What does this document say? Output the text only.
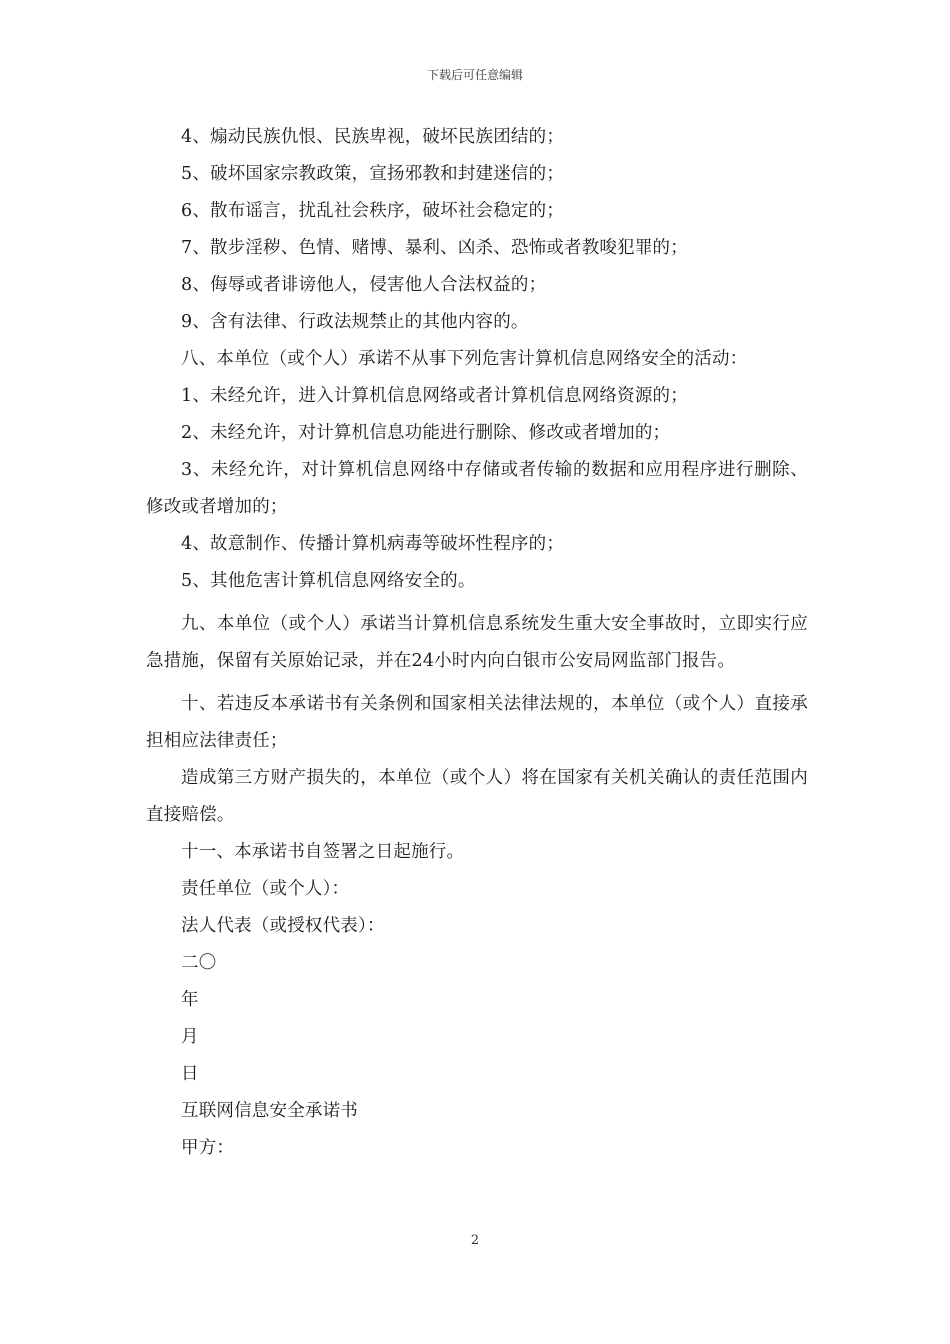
下载后可任意编辑

4、煽动民族仇恨、民族卑视，破坏民族团结的；

5、破坏国家宗教政策，宣扬邪教和封建迷信的；

6、散布谣言，扰乱社会秩序，破坏社会稳定的；

7、散步淫秽、色情、赌博、暴利、凶杀、恐怖或者教唆犯罪的；

8、侮辱或者诽谤他人，侵害他人合法权益的；

9、含有法律、行政法规禁止的其他内容的。

八、本单位（或个人）承诺不从事下列危害计算机信息网络安全的活动：

1、未经允许，进入计算机信息网络或者计算机信息网络资源的；

2、未经允许，对计算机信息功能进行删除、修改或者增加的；

3、未经允许，对计算机信息网络中存储或者传输的数据和应用程序进行删除、修改或者增加的；

4、故意制作、传播计算机病毒等破坏性程序的；

5、其他危害计算机信息网络安全的。

九、本单位（或个人）承诺当计算机信息系统发生重大安全事故时，立即实行应急措施，保留有关原始记录，并在24小时内向白银市公安局网监部门报告。

十、若违反本承诺书有关条例和国家相关法律法规的，本单位（或个人）直接承担相应法律责任；

造成第三方财产损失的，本单位（或个人）将在国家有关机关确认的责任范围内直接赔偿。

十一、本承诺书自签署之日起施行。

责任单位（或个人）：

法人代表（或授权代表）：

二〇

年

月

日

互联网信息安全承诺书

甲方：

2
